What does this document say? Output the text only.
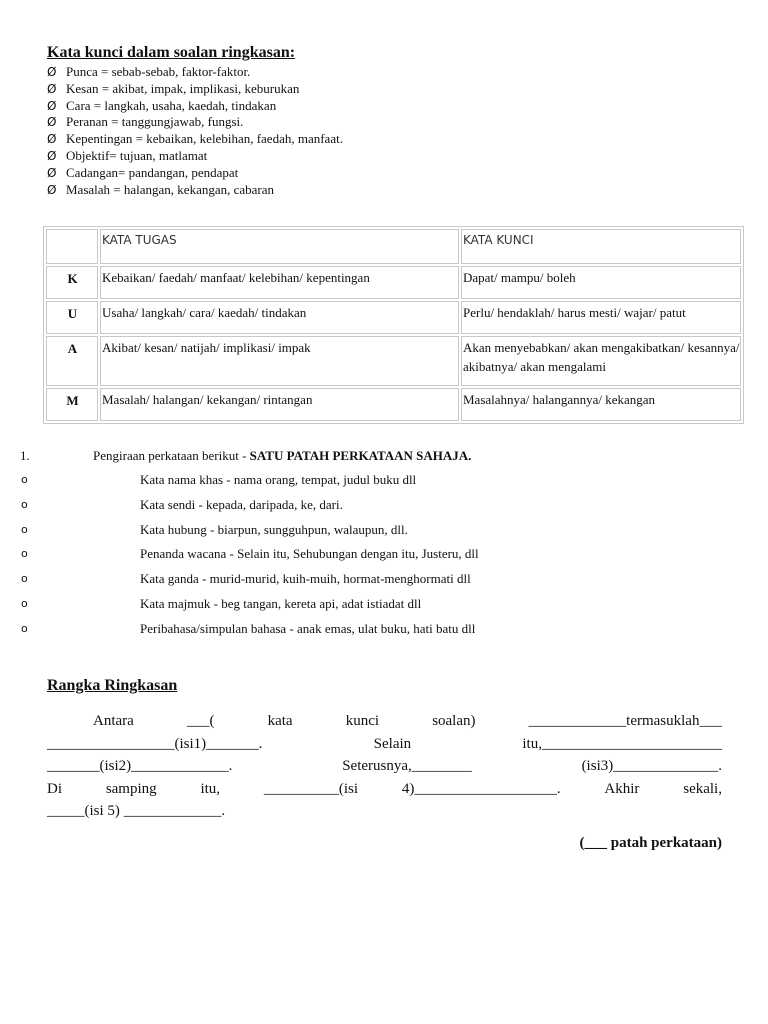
Kata kunci dalam soalan ringkasan:
Ø Punca = sebab-sebab, faktor-faktor.
Ø Kesan = akibat, impak, implikasi, keburukan
Ø Cara = langkah, usaha, kaedah, tindakan
Ø Peranan = tanggungjawab, fungsi.
Ø Kepentingan = kebaikan, kelebihan, faedah, manfaat.
Ø Objektif= tujuan, matlamat
Ø Cadangan= pandangan, pendapat
Ø Masalah = halangan, kekangan, cabaran
	KATA TUGAS	KATA KUNCI
K	Kebaikan/ faedah/ manfaat/ kelebihan/ kepentingan	Dapat/ mampu/ boleh
U	Usaha/ langkah/ cara/ kaedah/ tindakan	Perlu/ hendaklah/ harus mesti/ wajar/ patut
A	Akibat/ kesan/ natijah/ implikasi/ impak	Akan menyebabkan/ akan mengakibatkan/ kesannya/ akibatnya/ akan mengalami
M	Masalah/ halangan/ kekangan/ rintangan	Masalahnya/ halangannya/ kekangan
1.	Pengiraan perkataan berikut - SATU PATAH PERKATAAN SAHAJA.
o	Kata nama khas - nama orang, tempat, judul buku dll
o	Kata sendi - kepada, daripada, ke, dari.
o	Kata hubung - biarpun, sungguhpun, walaupun, dll.
o	Penanda wacana - Selain itu, Sehubungan dengan itu, Justeru, dll
o	Kata ganda - murid-murid, kuih-muih, hormat-menghormati dll
o	Kata majmuk - beg tangan, kereta api, adat istiadat dll
o	Peribahasa/simpulan bahasa - anak emas, ulat buku, hati batu dll
Rangka Ringkasan
Antara	___(	kata	kunci	soalan)	_____________termasuklah___
_________________(isi1)_______.	Selain	itu,________________________
_______(isi2)_____________.	Seterusnya,________	(isi3)______________.
Di	samping	itu,	__________(isi	4)___________________.	Akhir	sekali,
_____(isi 5) _____________.
(___ patah perkataan)
